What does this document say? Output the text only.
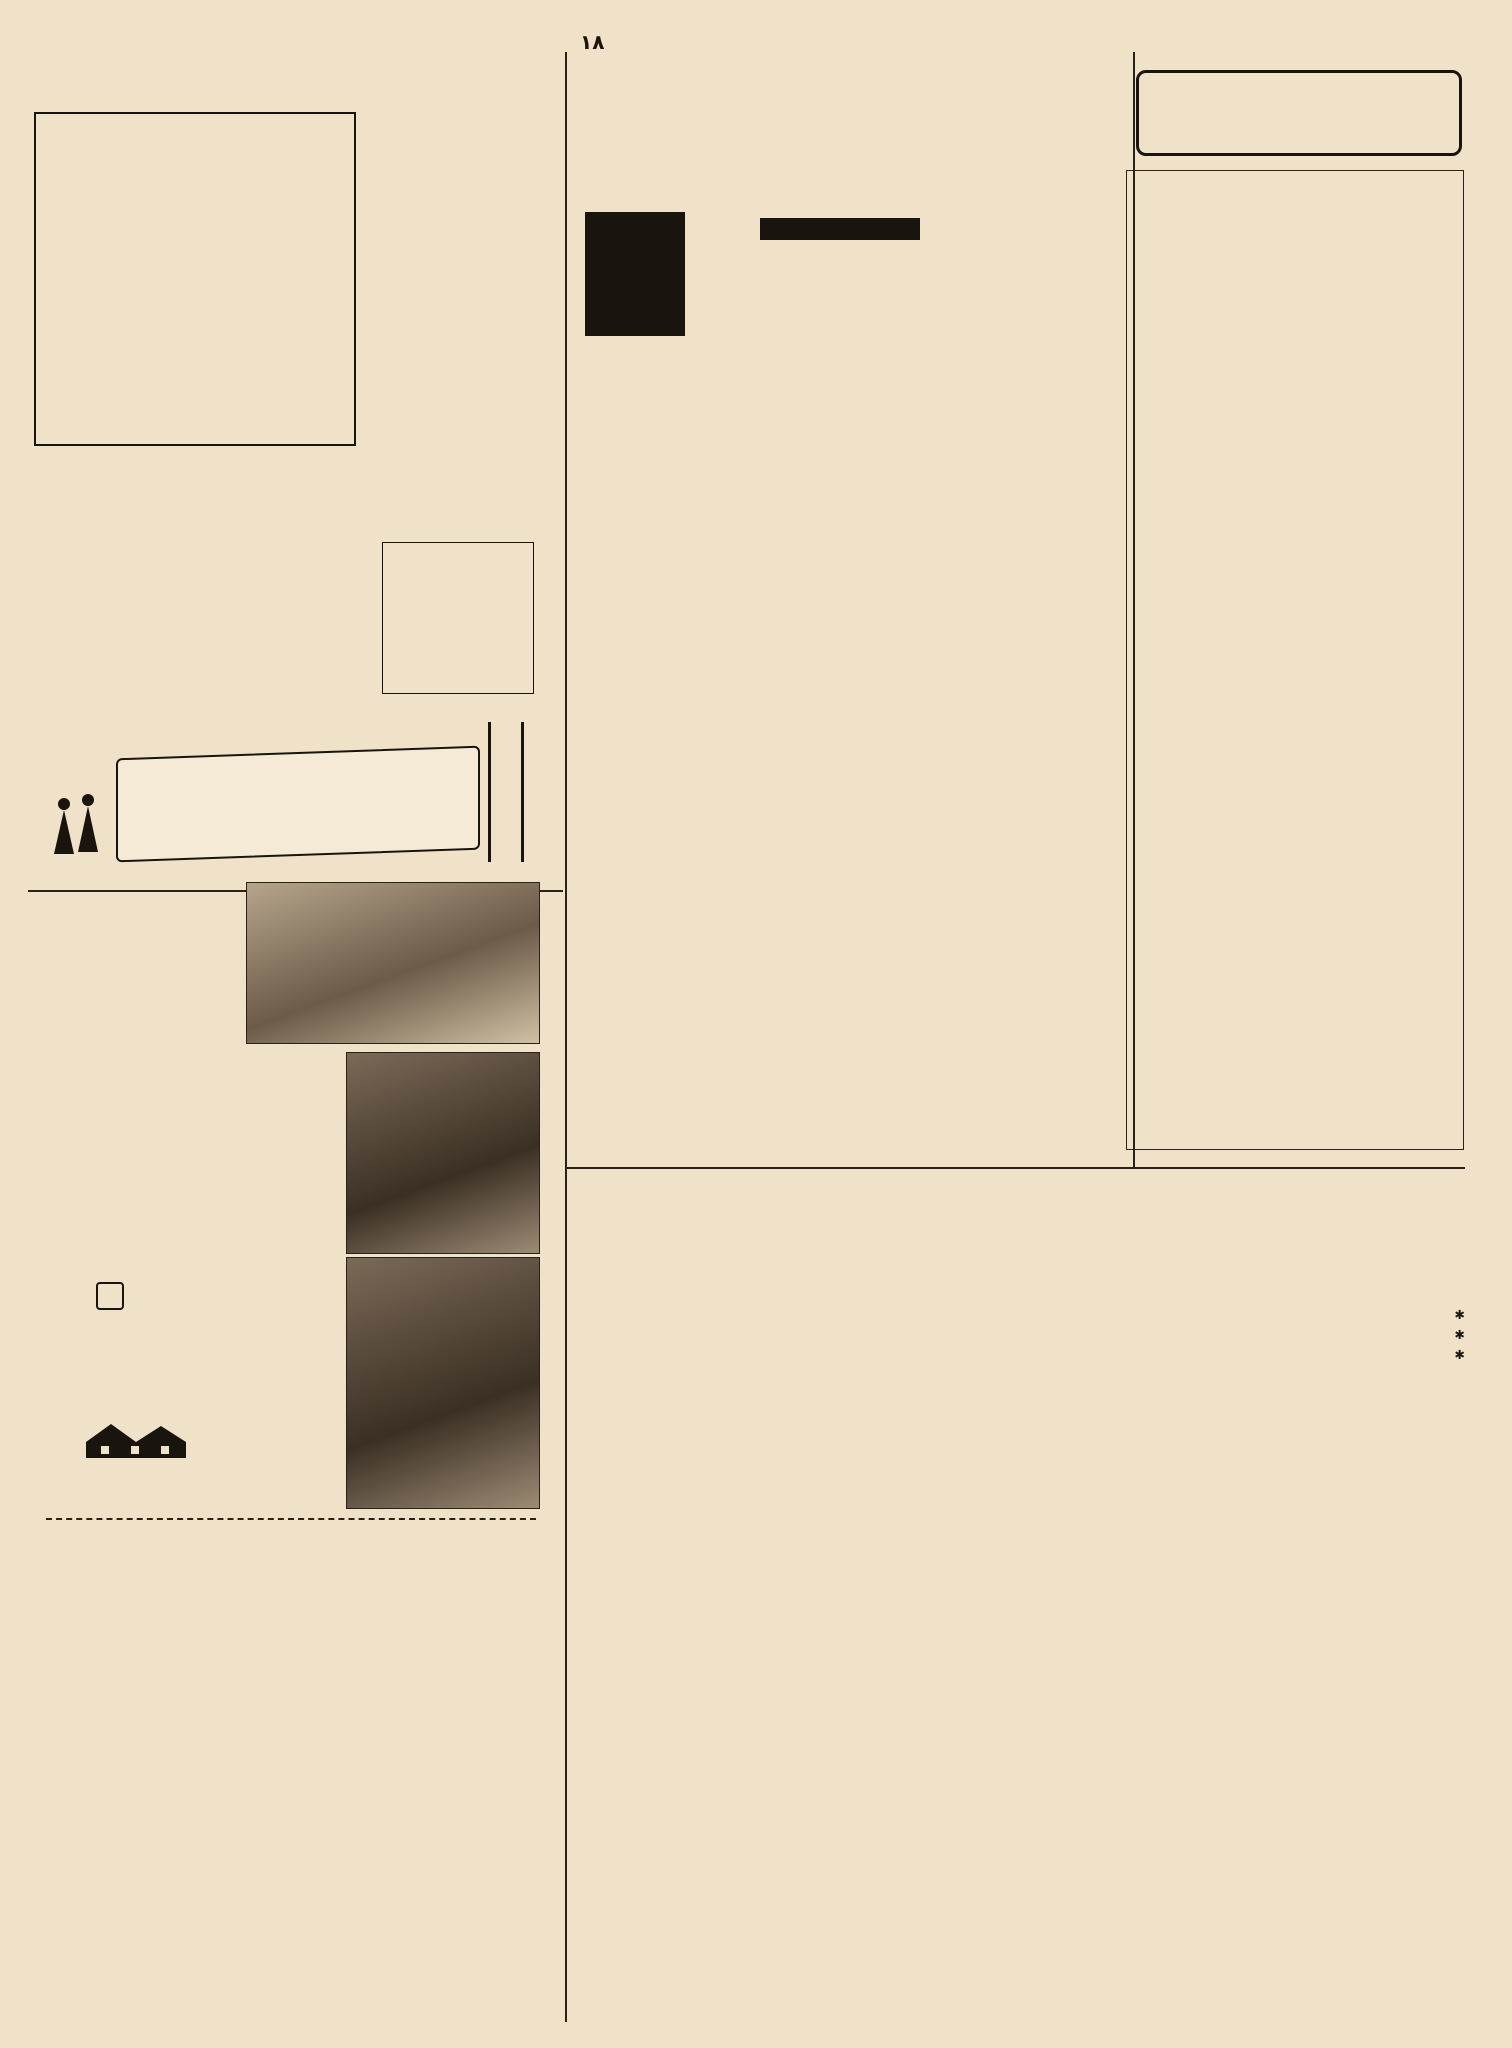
۱۸
✱
✱
✱
